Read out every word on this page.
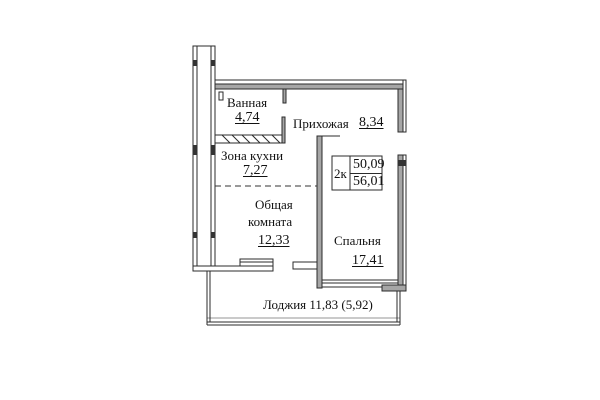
Ванная
4,74	Прихожая 8,34
Зона кухни
7,27
Общая
комната
12,33	Спальня
17,41
Лоджия 11,83 (5,92)
2к
50,09
56,01
